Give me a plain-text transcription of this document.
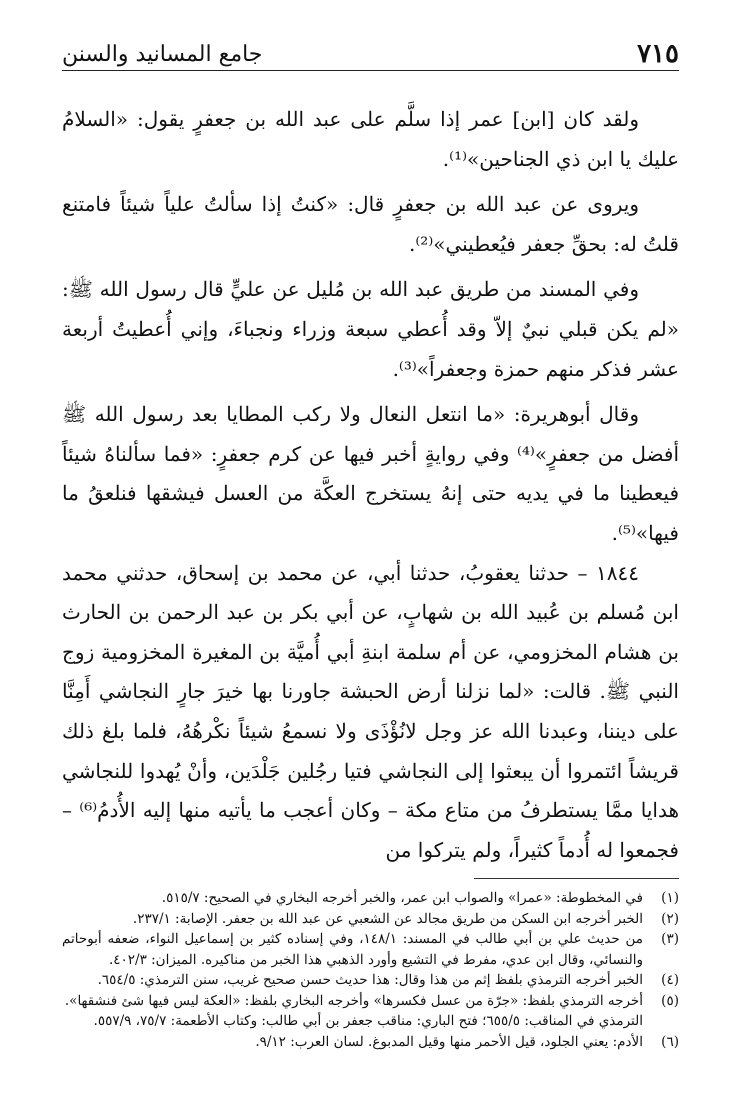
٧١٥
جامع المسانيد والسنن

ولقد كان [ابن] عمر إذا سلَّم على عبد الله بن جعفرٍ يقول: «السلامُ عليك يا ابن ذي الجناحين»⁽¹⁾.

ويروى عن عبد الله بن جعفرٍ قال: «كنتُ إذا سألتُ علياً شيئاً فامتنع قلتُ له: بحقِّ جعفر فيُعطيني»⁽²⁾.

وفي المسند من طريق عبد الله بن مُليل عن عليٍّ قال رسول الله ﷺ: «لم يكن قبلي نبيٌ إلاّ وقد أُعطي سبعة وزراء ونجباءَ، وإني أُعطيتُ أربعة عشر فذكر منهم حمزة وجعفراً»⁽³⁾.

وقال أبوهريرة: «ما انتعل النعال ولا ركب المطايا بعد رسول الله ﷺ أفضل من جعفرٍ»⁽⁴⁾ وفي روايةٍ أخبر فيها عن كرم جعفرٍ: «فما سألناهُ شيئاً فيعطينا ما في يديه حتى إنهُ يستخرج العكَّة من العسل فيشقها فنلعقُ ما فيها»⁽⁵⁾.

١٨٤٤ – حدثنا يعقوبُ، حدثنا أبي، عن محمد بن إسحاق، حدثني محمد ابن مُسلم بن عُبيد الله بن شهابٍ، عن أبي بكر بن عبد الرحمن بن الحارث بن هشام المخزومي، عن أم سلمة ابنةِ أبي أُميَّة بن المغيرة المخزومية زوج النبي ﷺ. قالت: «لما نزلنا أرض الحبشة جاورنا بها خيرَ جارٍ النجاشي أَمِنَّا على ديننا، وعبدنا الله عز وجل لانُؤْذَى ولا نسمعُ شيئاً نكْرهُهُ، فلما بلغ ذلك قريشاً ائتمروا أن يبعثوا إلى النجاشي فتيا رجُلين جَلْدَين، وأنْ يُهدوا للنجاشي هدايا ممَّا يستطرفُ من متاع مكة – وكان أعجب ما يأتيه منها إليه الأُدمُ⁽⁶⁾ – فجمعوا له أُدماً كثيراً، ولم يتركوا من

(١)
في المخطوطة: «عمرا» والصواب ابن عمر، والخبر أخرجه البخاري في الصحيح: ٥١٥/٧.
(٢)
الخبر أخرجه ابن السكن من طريق مجالد عن الشعبي عن عبد الله بن جعفر. الإصابة: ٢٣٧/١.
(٣)
من حديث علي بن أبي طالب في المسند: ١٤٨/١، وفي إسناده كثير بن إسماعيل النواء، ضعفه أبوحاتم والنسائي، وقال ابن عدي، مفرط في التشيع وأورد الذهبي هذا الخبر من مناكيره. الميزان: ٤٠٢/٣.
(٤)
الخبر أخرجه الترمذي بلفظ إثم من هذا وقال: هذا حديث حسن صحيح غريب، سنن الترمذي: ٦٥٤/٥.
(٥)
أخرجه الترمذي بلفظ: «جرّة من عسل فكسرها» وأخرجه البخاري بلفظ: «العكة ليس فيها شئ فنشقها».
الترمذي في المناقب: ٦٥٥/٥؛ فتح الباري: مناقب جعفر بن أبي طالب: وكتاب الأطعمة: ٧٥/٧، ٥٥٧/٩.
(٦)
الأدم: يعني الجلود، قيل الأحمر منها وقيل المدبوغ. لسان العرب: ٩/١٢.
